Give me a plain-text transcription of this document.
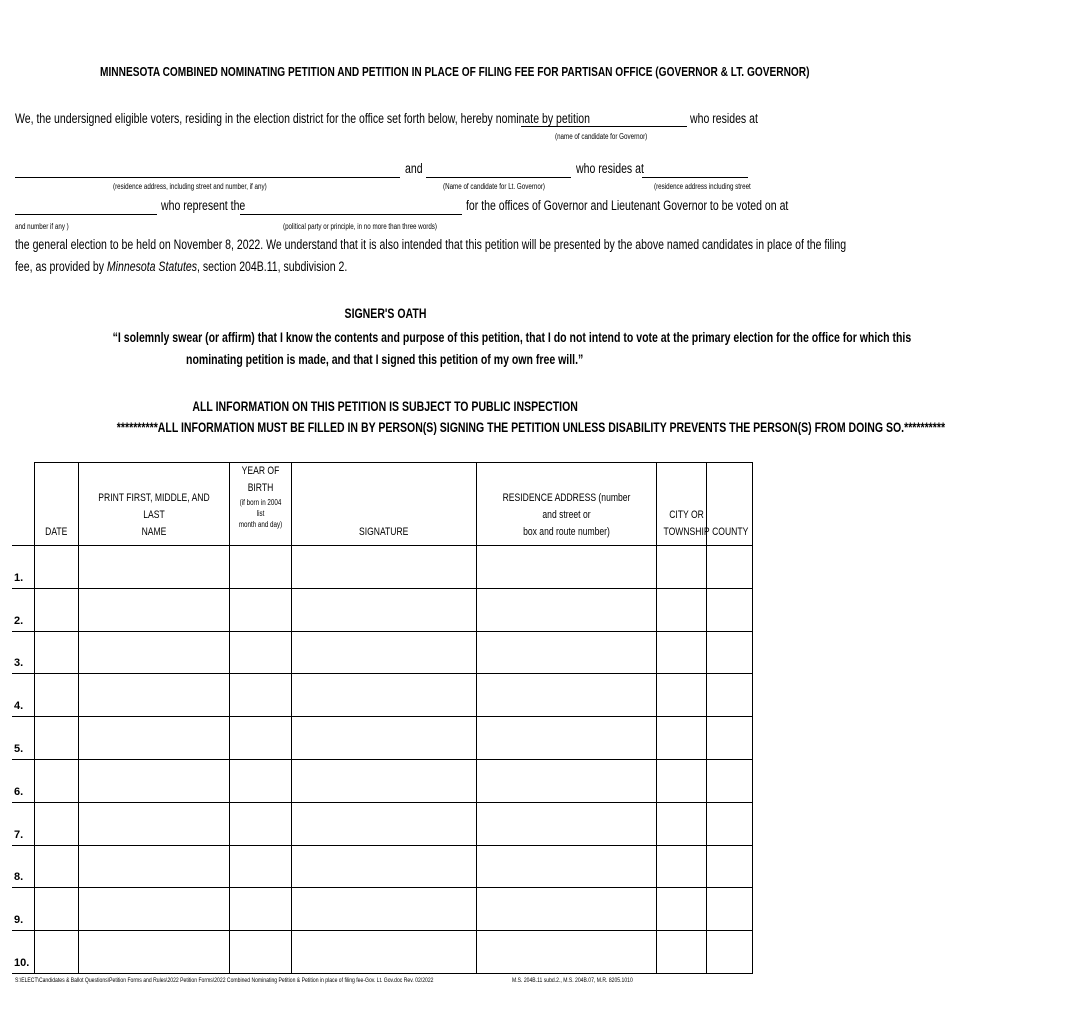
MINNESOTA COMBINED NOMINATING PETITION AND PETITION IN PLACE OF FILING FEE FOR PARTISAN OFFICE (GOVERNOR & LT. GOVERNOR)
We, the undersigned eligible voters, residing in the election district for the office set forth below, hereby nominate by petition	who resides at
(name of candidate for Governor)
and	who resides at
(residence address, including street and number, if any)	(Name of candidate for Lt. Governor)	(residence address including street
who represent the	for the offices of Governor and Lieutenant Governor to be voted on at
and number if any )	(political party or principle, in no more than three words)
the general election to be held on November 8, 2022. We understand that it is also intended that this petition will be presented by the above named candidates in place of the filing
fee, as provided by Minnesota Statutes, section 204B.11, subdivision 2.
SIGNER'S OATH
“I solemnly swear (or affirm) that I know the contents and purpose of this petition, that I do not intend to vote at the primary election for the office for which this
nominating petition is made, and that I signed this petition of my own free will.”
ALL INFORMATION ON THIS PETITION IS SUBJECT TO PUBLIC INSPECTION
**********ALL INFORMATION MUST BE FILLED IN BY PERSON(S) SIGNING THE PETITION UNLESS DISABILITY PREVENTS THE PERSON(S) FROM DOING SO.**********
	DATE	PRINT FIRST, MIDDLE, AND LAST
NAME	YEAR OF
BIRTH
(if born in 2004 list
month and day)	SIGNATURE	RESIDENCE ADDRESS (number and street or
box and route number)	CITY OR
TOWNSHIP	COUNTY
1.							
2.							
3.							
4.							
5.							
6.							
7.							
8.							
9.							
10.							
S:\ELECT\Candidates & Ballot Questions\Petition Forms and Rules\2022 Petition Forms\2022 Combined Nominating Petition & Petition in place of filing fee-Gov. Lt. Gov.doc Rev. 02/2022	M.S. 204B.11 subd.2., M.S. 204B.07, M.R. 8205.1010
